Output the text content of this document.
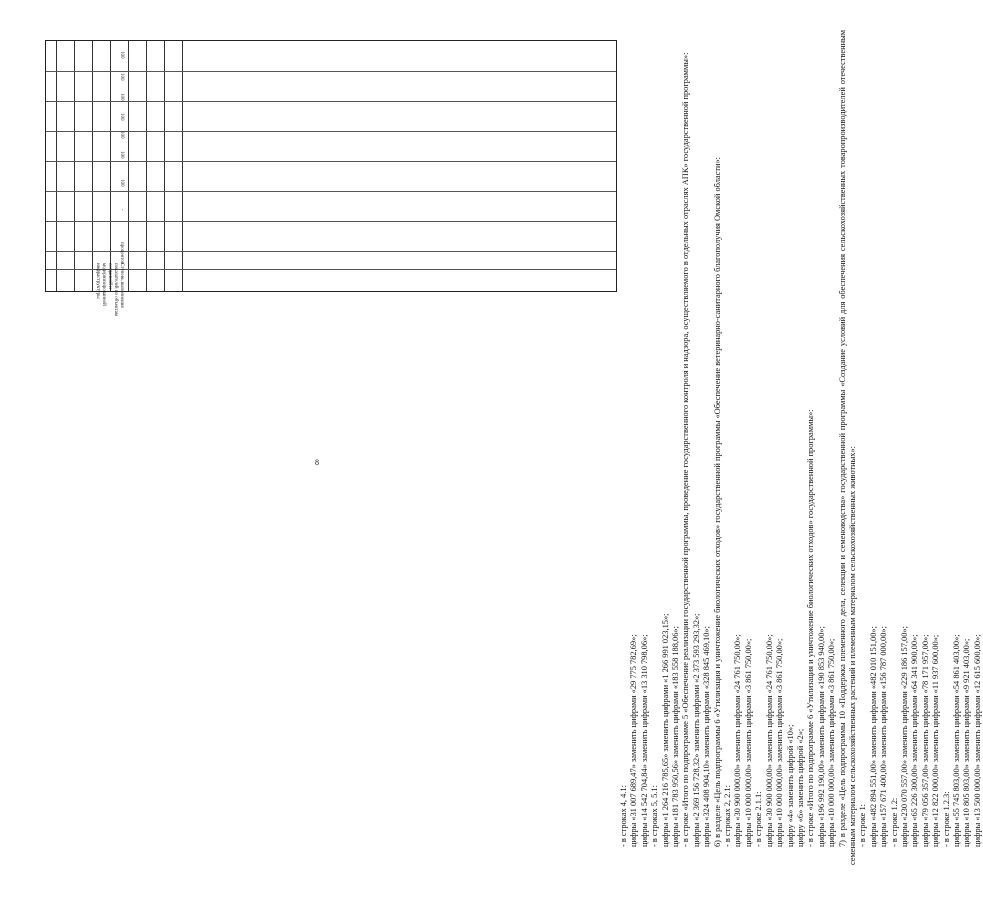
Степень выполнения показателей по объектам созданной и модернизированной инфраструктуры
процентов
-
100
100
100
100
100
100
100
8
- в строках 4, 4.1: цифры «31 007 689,47» заменить цифрами «29 775 782,69»; цифры «14 542 704,84» заменить цифрами «13 310 798,06»; - в строках 5, 5.1: цифры «1 264 216 785,65» заменить цифрами «1 266 991 023,15»; цифры «181 783 950,56» заменить цифрами «183 558 188,06»; - в строке «Итого по подпрограмме 5 «Обеспечение реализации государственной программы, проведение государственного контроля и надзора, осуществляемого в отдельных отраслях АПК» государственной программы»: цифры «2 369 156 728,32» заменить цифрами «2 373 593 293,32»; цифры «324 408 904,10» заменить цифрами «328 845 469,10»; 6) в разделе «Цель подпрограммы 6 «Утилизация и уничтожение биологических отходов» государственной программы «Обеспечение ветеринарно-санитарного благополучия Омской области»: - в строках 2, 2.1: цифры «30 900 000,00» заменить цифрами «24 761 750,00»; цифры «10 000 000,00» заменить цифрами «3 861 750,00»; - в строке 2.1.1: цифры «30 900 000,00» заменить цифрами «24 761 750,00»; цифры «10 000 000,00» заменить цифрами «3 861 750,00»; цифру «4» заменить цифрой «10»; цифру «6» заменить цифрой «2»; - в строке «Итого по подпрограмме 6 «Утилизация и уничтожение биологических отходов» государственной программы»: цифры «196 992 190,00» заменить цифрами «190 853 940,00»; цифры «10 000 000,00» заменить цифрами «3 861 750,00»; 7) в разделе «Цель подпрограммы 10 «Поддержка племенного дела, селекции и семеноводства» государственной программы «Создание условий для обеспечения сельскохозяйственных товаропроизводителей отечественным семенным материалом сельскохозяйственных растений и племенным материалом сельскохозяйственных животных»: - в строке 1: цифры «482 894 551,00» заменить цифрами «482 010 151,00»; цифры «157 671 400,00» заменить цифрами «156 787 000,00»; - в строке 1.2: цифры «230 070 557,00» заменить цифрами «229 186 157,00»; цифры «65 226 300,00» заменить цифрами «64 341 900,00»; цифры «79 056 357,00» заменить цифрами «78 171 957,00»; цифры «12 822 000,00» заменить цифрами «11 937 600,00»; - в строке 1.2.3: цифры «55 745 803,00» заменить цифрами «54 861 403,00»; цифры «10 805 803,00» заменить цифрами «9 921 403,00»; цифры «13 500 000,00» заменить цифрами «12 615 600,00»;
